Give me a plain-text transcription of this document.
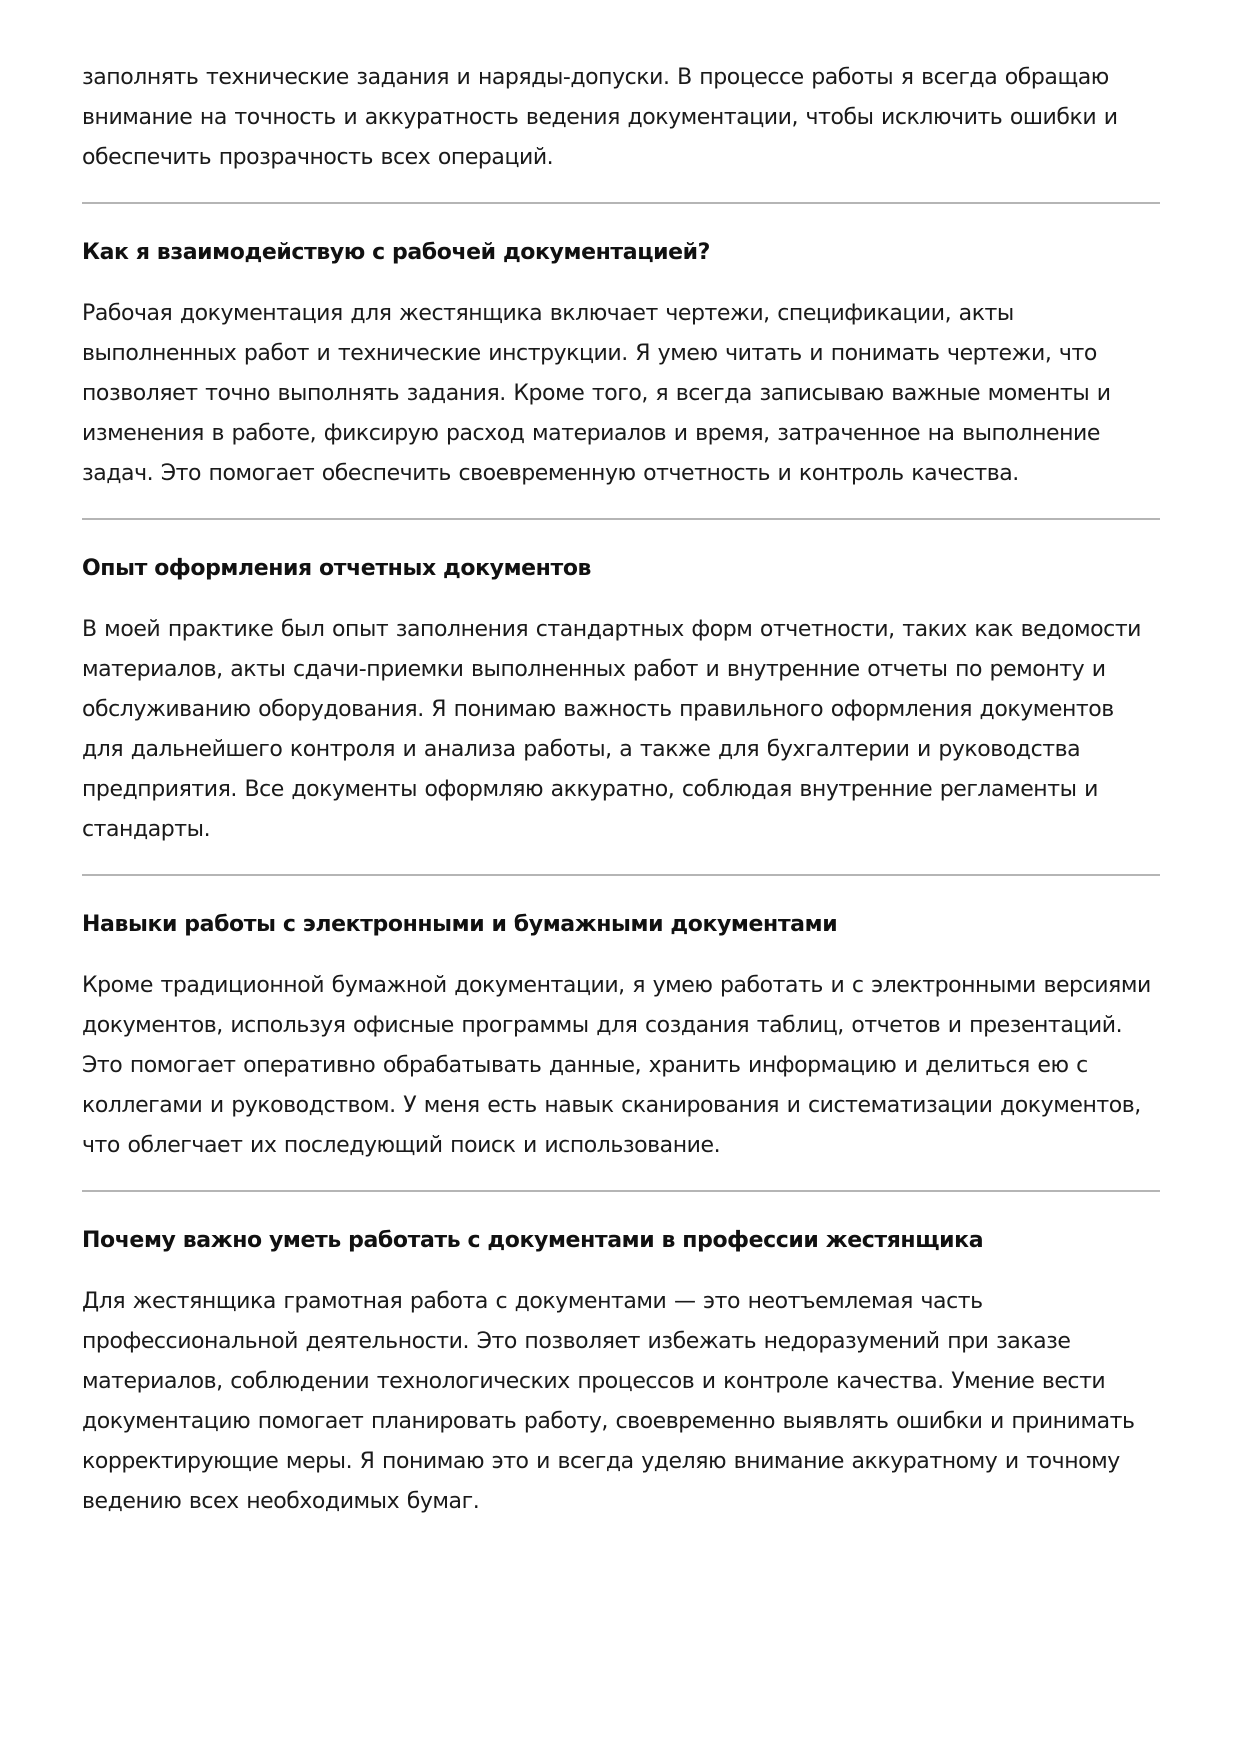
заполнять технические задания и наряды-допуски. В процессе работы я всегда обращаю внимание на точность и аккуратность ведения документации, чтобы исключить ошибки и обеспечить прозрачность всех операций.

Как я взаимодействую с рабочей документацией?

Рабочая документация для жестянщика включает чертежи, спецификации, акты выполненных работ и технические инструкции. Я умею читать и понимать чертежи, что позволяет точно выполнять задания. Кроме того, я всегда записываю важные моменты и изменения в работе, фиксирую расход материалов и время, затраченное на выполнение задач. Это помогает обеспечить своевременную отчетность и контроль качества.

Опыт оформления отчетных документов

В моей практике был опыт заполнения стандартных форм отчетности, таких как ведомости материалов, акты сдачи-приемки выполненных работ и внутренние отчеты по ремонту и обслуживанию оборудования. Я понимаю важность правильного оформления документов для дальнейшего контроля и анализа работы, а также для бухгалтерии и руководства предприятия. Все документы оформляю аккуратно, соблюдая внутренние регламенты и стандарты.

Навыки работы с электронными и бумажными документами

Кроме традиционной бумажной документации, я умею работать и с электронными версиями документов, используя офисные программы для создания таблиц, отчетов и презентаций. Это помогает оперативно обрабатывать данные, хранить информацию и делиться ею с коллегами и руководством. У меня есть навык сканирования и систематизации документов, что облегчает их последующий поиск и использование.

Почему важно уметь работать с документами в профессии жестянщика

Для жестянщика грамотная работа с документами — это неотъемлемая часть профессиональной деятельности. Это позволяет избежать недоразумений при заказе материалов, соблюдении технологических процессов и контроле качества. Умение вести документацию помогает планировать работу, своевременно выявлять ошибки и принимать корректирующие меры. Я понимаю это и всегда уделяю внимание аккуратному и точному ведению всех необходимых бумаг.
